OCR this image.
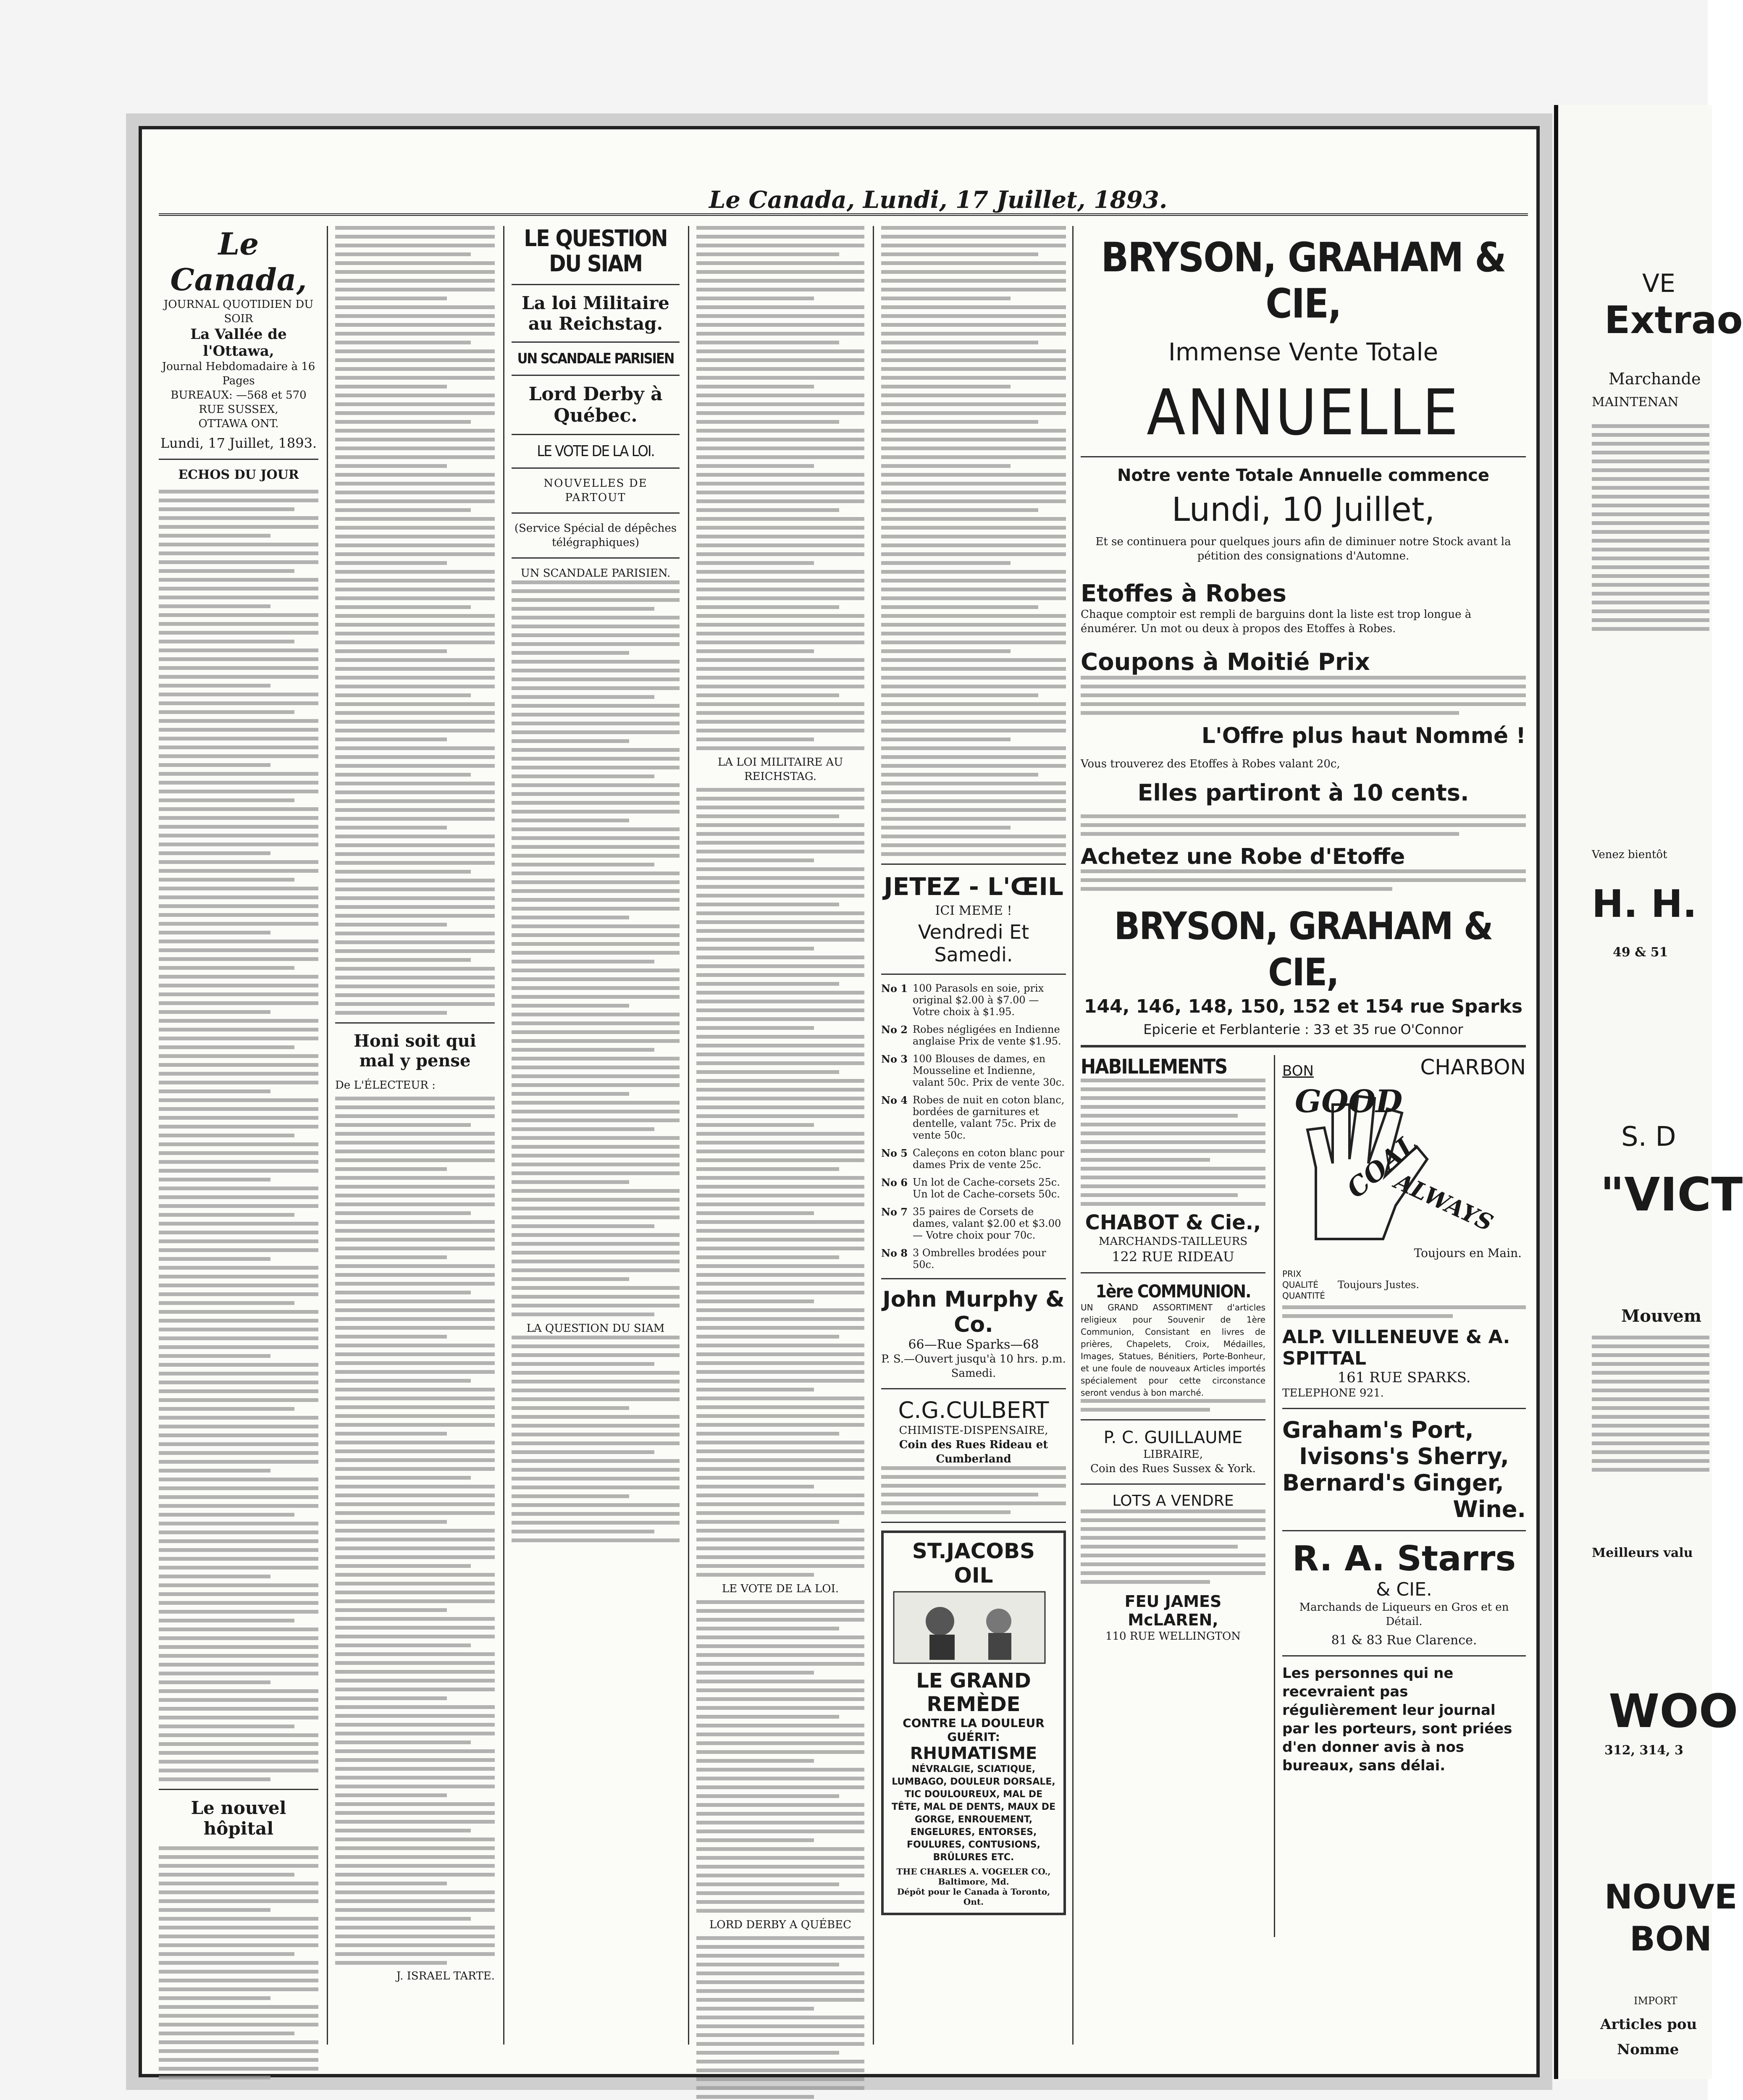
Le Canada, Lundi, 17 Juillet, 1893.
Le Canada,
JOURNAL QUOTIDIEN DU SOIR
La Vallée de l'Ottawa,
Journal Hebdomadaire à 16 Pages
BUREAUX: —568 et 570 RUE SUSSEX,
OTTAWA ONT.
Lundi, 17 Juillet, 1893.
ECHOS DU JOUR
Le nouvel hôpital
Honi soit qui mal y pense
De L'ÉLECTEUR :
J. ISRAEL TARTE.
LE QUESTION DU SIAM
La loi Militaire au Reichstag.
UN SCANDALE PARISIEN
Lord Derby à Québec.
LE VOTE DE LA LOI.
NOUVELLES DE PARTOUT
(Service Spécial de dépêches télégraphiques)
UN SCANDALE PARISIEN.
LA QUESTION DU SIAM
LA LOI MILITAIRE AU REICHSTAG.
LE VOTE DE LA LOI.
LORD DERBY A QUÉBEC
JETEZ - L'ŒIL
ICI MEME !
Vendredi Et Samedi.
No 1 100 Parasols en soie, prix original $2.00 à $7.00 — Votre choix à $1.95.
No 2 Robes négligées en Indienne anglaise Prix de vente $1.95.
No 3 100 Blouses de dames, en Mousseline et Indienne, valant 50c. Prix de vente 30c.
No 4 Robes de nuit en coton blanc, bordées de garnitures et dentelle, valant 75c. Prix de vente 50c.
No 5 Caleçons en coton blanc pour dames Prix de vente 25c.
No 6 Un lot de Cache-corsets 25c. Un lot de Cache-corsets 50c.
No 7 35 paires de Corsets de dames, valant $2.00 et $3.00 — Votre choix pour 70c.
No 8 3 Ombrelles brodées pour 50c.
John Murphy & Co.
66—Rue Sparks—68
P. S.—Ouvert jusqu'à 10 hrs. p.m. Samedi.
C.G.CULBERT
CHIMISTE-DISPENSAIRE,
Coin des Rues Rideau et Cumberland
ST.JACOBS OIL
LE GRAND REMÈDE
CONTRE LA DOULEUR
GUÉRIT:
RHUMATISME
NÉVRALGIE, SCIATIQUE, LUMBAGO, DOULEUR DORSALE, TIC DOULOUREUX, MAL DE TÊTE, MAL DE DENTS, MAUX DE GORGE, ENROUEMENT, ENGELURES, ENTORSES, FOULURES, CONTUSIONS, BRÛLURES ETC.
THE CHARLES A. VOGELER CO., Baltimore, Md.
Dépôt pour le Canada à Toronto, Ont.
BRYSON, GRAHAM & CIE,
Immense Vente Totale
ANNUELLE
Notre vente Totale Annuelle commence
Lundi, 10 Juillet,
Et se continuera pour quelques jours afin de diminuer notre Stock avant la pétition des consignations d'Automne.
Etoffes à Robes
Chaque comptoir est rempli de barguins dont la liste est trop longue à énumérer. Un mot ou deux à propos des Etoffes à Robes.
Coupons à Moitié Prix
L'Offre plus haut Nommé !
Vous trouverez des Etoffes à Robes valant 20c,
Elles partiront à 10 cents.
Achetez une Robe d'Etoffe
BRYSON, GRAHAM & CIE,
144, 146, 148, 150, 152 et 154 rue Sparks
Epicerie et Ferblanterie : 33 et 35 rue O'Connor
HABILLEMENTS
CHABOT & Cie.,
MARCHANDS-TAILLEURS
122 RUE RIDEAU
1ère COMMUNION.
UN GRAND ASSORTIMENT d'articles religieux pour Souvenir de 1ère Communion, Consistant en livres de prières, Chapelets, Croix, Médailles, Images, Statues, Bénitiers, Porte-Bonheur, et une foule de nouveaux Articles importés spécialement pour cette circonstance seront vendus à bon marché.
P. C. GUILLAUME
LIBRAIRE,
Coin des Rues Sussex & York.
LOTS A VENDRE
FEU JAMES McLAREN,
110 RUE WELLINGTON
BON	CHARBON
GOOD
COAL
ALWAYS
Toujours en Main.
PRIX
QUALITÉ
QUANTITÉ
Toujours Justes.
ALP. VILLENEUVE & A. SPITTAL
161 RUE SPARKS.
TELEPHONE 921.
Graham's Port,
Ivisons's Sherry,
Bernard's Ginger,
Wine.
R. A. Starrs
& CIE.
Marchands de Liqueurs en Gros et en Détail.
81 & 83 Rue Clarence.
Les personnes qui ne recevraient pas régulièrement leur journal par les porteurs, sont priées d'en donner avis à nos bureaux, sans délai.
VE
Extrao
Marchande
MAINTENAN
Venez bientôt
H. H.
49 & 51
S. D
"VICT
Mouvem
Meilleurs valu
WOO
312, 314, 3
NOUVE
BON
IMPORT
Articles pou
Nomme
